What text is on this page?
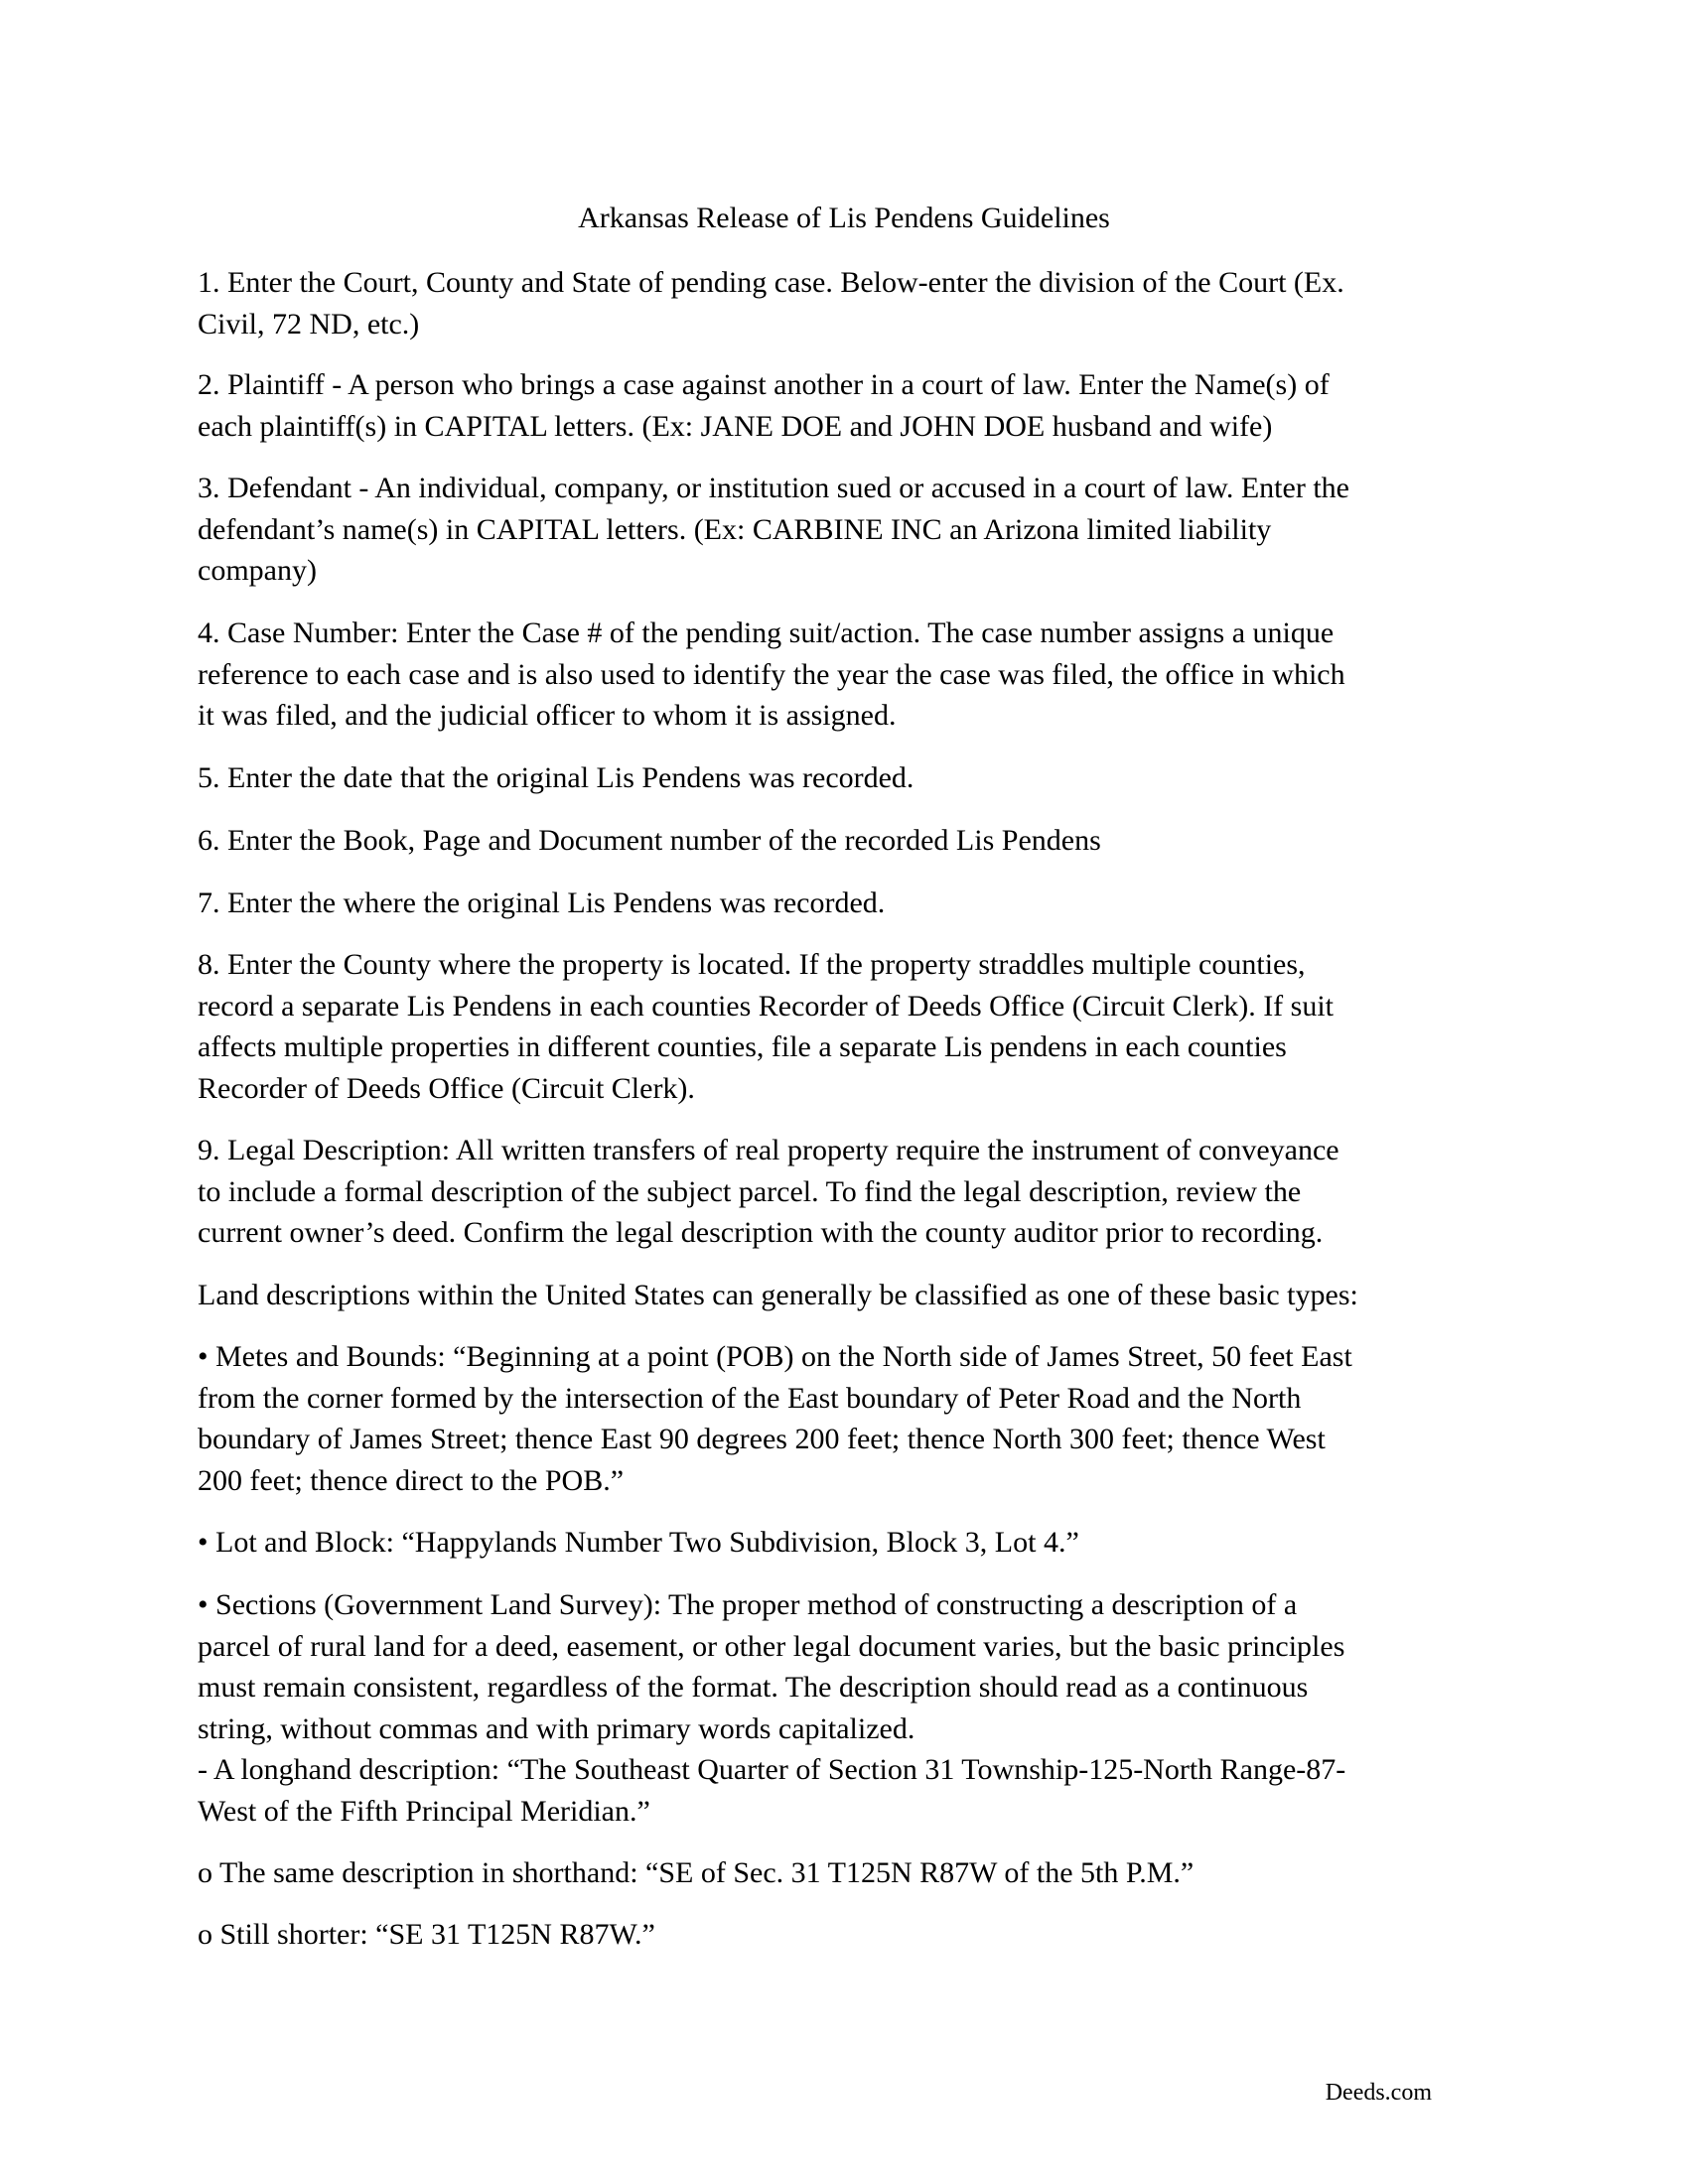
Arkansas Release of Lis Pendens Guidelines

1. Enter the Court, County and State of pending case. Below-enter the division of the Court (Ex.
Civil, 72 ND, etc.)

2. Plaintiff - A person who brings a case against another in a court of law. Enter the Name(s) of
each plaintiff(s) in CAPITAL letters. (Ex: JANE DOE and JOHN DOE husband and wife)

3. Defendant - An individual, company, or institution sued or accused in a court of law. Enter the
defendant’s name(s) in CAPITAL letters. (Ex: CARBINE INC an Arizona limited liability
company)

4. Case Number: Enter the Case # of the pending suit/action. The case number assigns a unique
reference to each case and is also used to identify the year the case was filed, the office in which
it was filed, and the judicial officer to whom it is assigned.

5. Enter the date that the original Lis Pendens was recorded.

6. Enter the Book, Page and Document number of the recorded Lis Pendens

7. Enter the where the original Lis Pendens was recorded.

8. Enter the County where the property is located. If the property straddles multiple counties,
record a separate Lis Pendens in each counties Recorder of Deeds Office (Circuit Clerk). If suit
affects multiple properties in different counties, file a separate Lis pendens in each counties
Recorder of Deeds Office (Circuit Clerk).

9. Legal Description: All written transfers of real property require the instrument of conveyance
to include a formal description of the subject parcel. To find the legal description, review the
current owner’s deed. Confirm the legal description with the county auditor prior to recording.

Land descriptions within the United States can generally be classified as one of these basic types:

• Metes and Bounds: “Beginning at a point (POB) on the North side of James Street, 50 feet East
from the corner formed by the intersection of the East boundary of Peter Road and the North
boundary of James Street; thence East 90 degrees 200 feet; thence North 300 feet; thence West
200 feet; thence direct to the POB.”

• Lot and Block: “Happylands Number Two Subdivision, Block 3, Lot 4.”

• Sections (Government Land Survey): The proper method of constructing a description of a
parcel of rural land for a deed, easement, or other legal document varies, but the basic principles
must remain consistent, regardless of the format. The description should read as a continuous
string, without commas and with primary words capitalized.
- A longhand description: “The Southeast Quarter of Section 31 Township-125-North Range-87-
West of the Fifth Principal Meridian.”

o The same description in shorthand: “SE of Sec. 31 T125N R87W of the 5th P.M.”

o Still shorter: “SE 31 T125N R87W.”

Deeds.com
